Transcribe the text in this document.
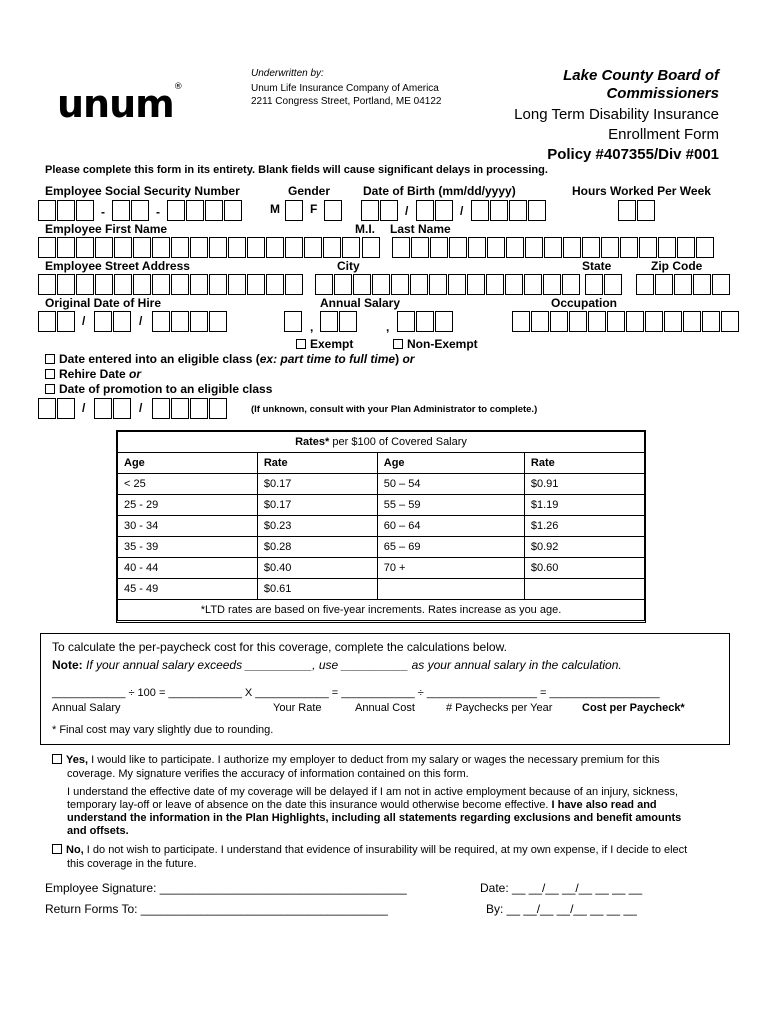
unum®
Underwritten by:
Unum Life Insurance Company of America
2211 Congress Street, Portland, ME 04122
Lake County Board of
Commissioners
Long Term Disability Insurance
Enrollment Form
Policy #407355/Div #001
Please complete this form in its entirety. Blank fields will cause significant delays in processing.
Employee Social Security Number	Gender	Date of Birth (mm/dd/yyyy)	Hours Worked Per Week
-	-	M	F	/	/
Employee First Name	M.I. Last Name
Employee Street Address	City	State	Zip Code
Original Date of Hire	Annual Salary	Occupation
/	/	,	,
Exempt	Non-Exempt
Date entered into an eligible class (ex: part time to full time) or
Rehire Date or
Date of promotion to an eligible class
/	/	(If unknown, consult with your Plan Administrator to complete.)
Rates* per $100 of Covered Salary			
Age	Rate	Age	Rate
< 25	$0.17	50 – 54	$0.91
25 - 29	$0.17	55 – 59	$1.19
30 - 34	$0.23	60 – 64	$1.26
35 - 39	$0.28	65 – 69	$0.92
40 - 44	$0.40	70 +	$0.60
45 - 49	$0.61		
*LTD rates are based on five-year increments. Rates increase as you age.			
To calculate the per-paycheck cost for this coverage, complete the calculations below.
Note: If your annual salary exceeds __________, use __________ as your annual salary in the calculation.
____________ ÷ 100 = ____________ X ____________ = ____________ ÷ __________________ = __________________
Annual Salary	Your Rate	Annual Cost	# Paychecks per Year	Cost per Paycheck*
* Final cost may vary slightly due to rounding.
Yes, I would like to participate. I authorize my employer to deduct from my salary or wages the necessary premium for this
coverage. My signature verifies the accuracy of information contained on this form.
I understand the effective date of my coverage will be delayed if I am not in active employment because of an injury, sickness,
temporary lay-off or leave of absence on the date this insurance would otherwise become effective. I have also read and
understand the information in the Plan Highlights, including all statements regarding exclusions and benefit amounts
and offsets.
No, I do not wish to participate. I understand that evidence of insurability will be required, at my own expense, if I decide to elect
this coverage in the future.
Employee Signature: _____________________________________	Date: __ __/__ __/__ __ __ __
Return Forms To: _____________________________________	By: __ __/__ __/__ __ __ __
